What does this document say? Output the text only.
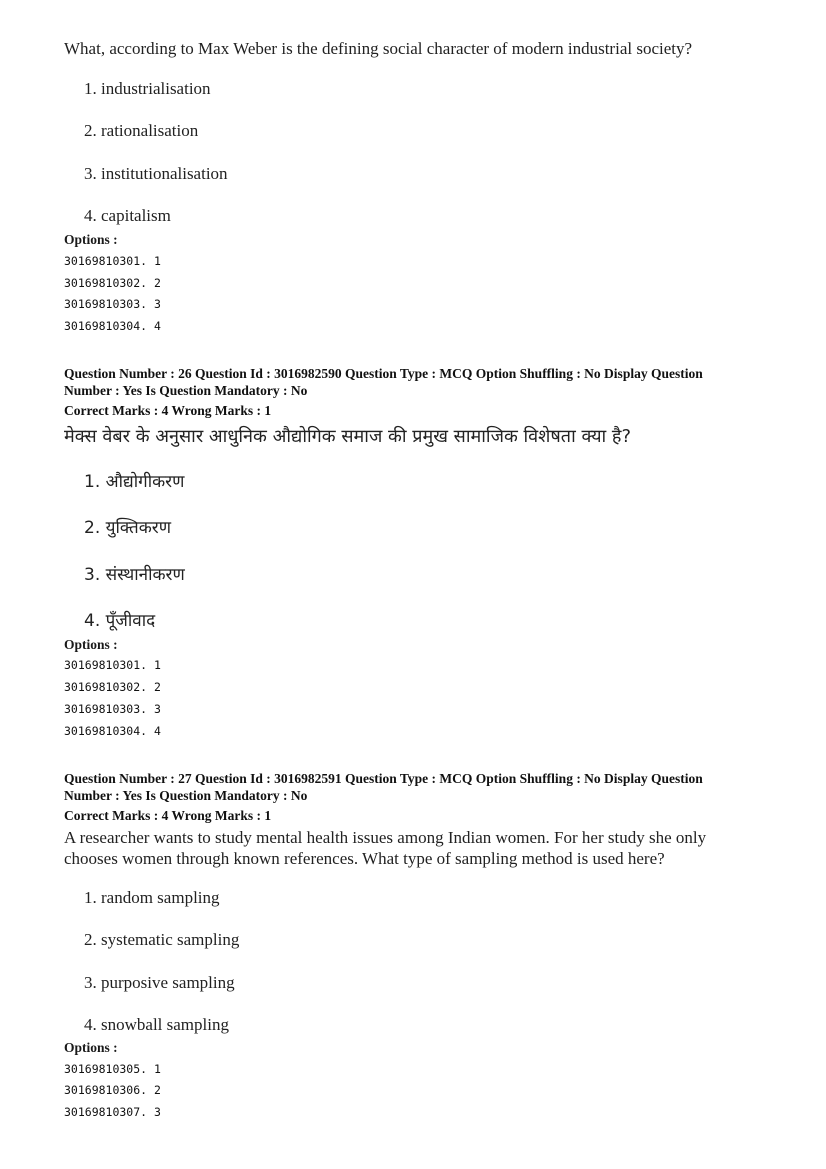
What, according to Max Weber is the defining social character of modern industrial society?
1. industrialisation
2. rationalisation
3. institutionalisation
4. capitalism
Options :
30169810301. 1
30169810302. 2
30169810303. 3
30169810304. 4
Question Number : 26 Question Id : 3016982590 Question Type : MCQ Option Shuffling : No Display Question
Number : Yes Is Question Mandatory : No
Correct Marks : 4 Wrong Marks : 1
मेक्स वेबर के अनुसार आधुनिक औद्योगिक समाज की प्रमुख सामाजिक विशेषता क्या है?
1. औद्योगीकरण
2. युक्तिकरण
3. संस्थानीकरण
4. पूँजीवाद
Options :
30169810301. 1
30169810302. 2
30169810303. 3
30169810304. 4
Question Number : 27 Question Id : 3016982591 Question Type : MCQ Option Shuffling : No Display Question
Number : Yes Is Question Mandatory : No
Correct Marks : 4 Wrong Marks : 1
A researcher wants to study mental health issues among Indian women. For her study she only
chooses women through known references. What type of sampling method is used here?
1. random sampling
2. systematic sampling
3. purposive sampling
4. snowball sampling
Options :
30169810305. 1
30169810306. 2
30169810307. 3
